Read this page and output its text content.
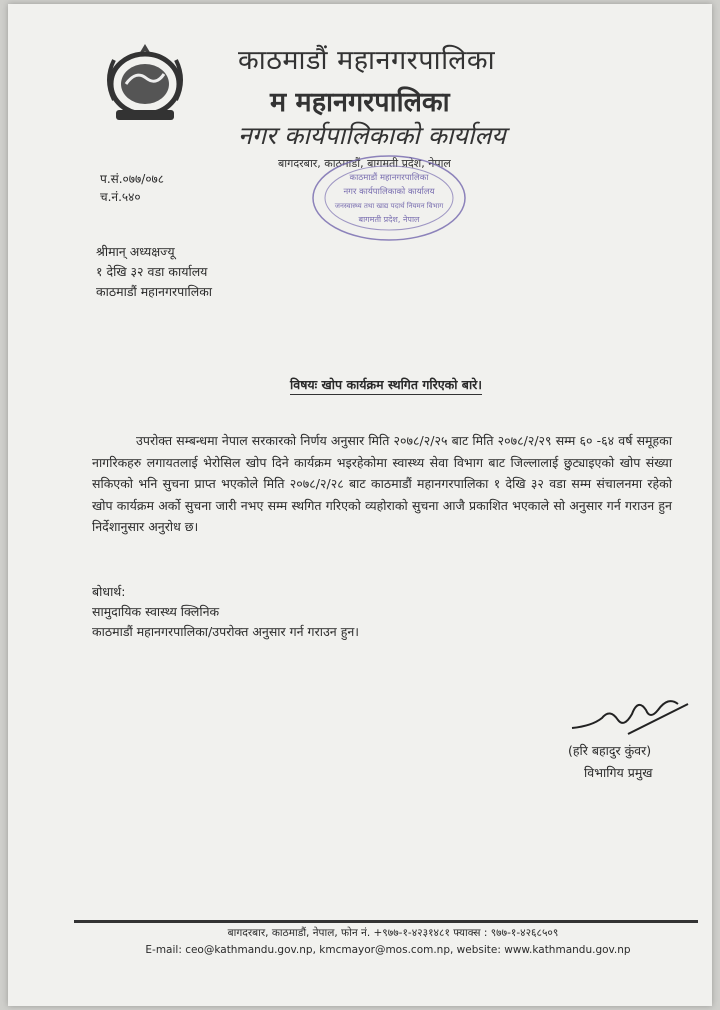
काठमाडौं महानगरपालिका
म महानगरपालिका
नगर कार्यपालिकाको कार्यालय
बागदरबार, काठमाडौं, बागमती प्रदेश, नेपाल
काठमाडौं महानगरपालिका
नगर कार्यपालिकाको कार्यालय
जनस्वास्थ्य तथा खाद्य पदार्थ नियमन विभाग
बागमती प्रदेश, नेपाल
प.सं.०७७/०७८
च.नं.५४०
श्रीमान् अध्यक्षज्यू
१ देखि ३२ वडा कार्यालय
काठमाडौं महानगरपालिका
विषयः खोप कार्यक्रम स्थगित गरिएको बारे।
उपरोक्त सम्बन्धमा नेपाल सरकारको निर्णय अनुसार मिति २०७८/२/२५ बाट मिति २०७८/२/२९ सम्म ६० -६४ वर्ष समूहका नागरिकहरु लगायतलाई भेरोसिल खोप दिने कार्यक्रम भइरहेकोमा स्वास्थ्य सेवा विभाग बाट जिल्लालाई छुट्याइएको खोप संख्या सकिएको भनि सुचना प्राप्त भएकोले मिति २०७८/२/२८ बाट काठमाडौं महानगरपालिका १ देखि ३२ वडा सम्म संचालनमा रहेको खोप कार्यक्रम अर्को सुचना जारी नभए सम्म स्थगित गरिएको व्यहोराको सुचना आजै प्रकाशित भएकाले सो अनुसार गर्न गराउन हुन निर्देशानुसार अनुरोध छ।
बोधार्थ:
सामुदायिक स्वास्थ्य क्लिनिक
काठमाडौं महानगरपालिका/उपरोक्त अनुसार गर्न गराउन हुन।
(हरि बहादुर कुंवर)
विभागिय प्रमुख
बागदरबार, काठमाडौं, नेपाल, फोन नं. +९७७-१-४२३१४८१ फ्याक्स : ९७७-१-४२६८५०९
E-mail: ceo@kathmandu.gov.np, kmcmayor@mos.com.np, website: www.kathmandu.gov.np
